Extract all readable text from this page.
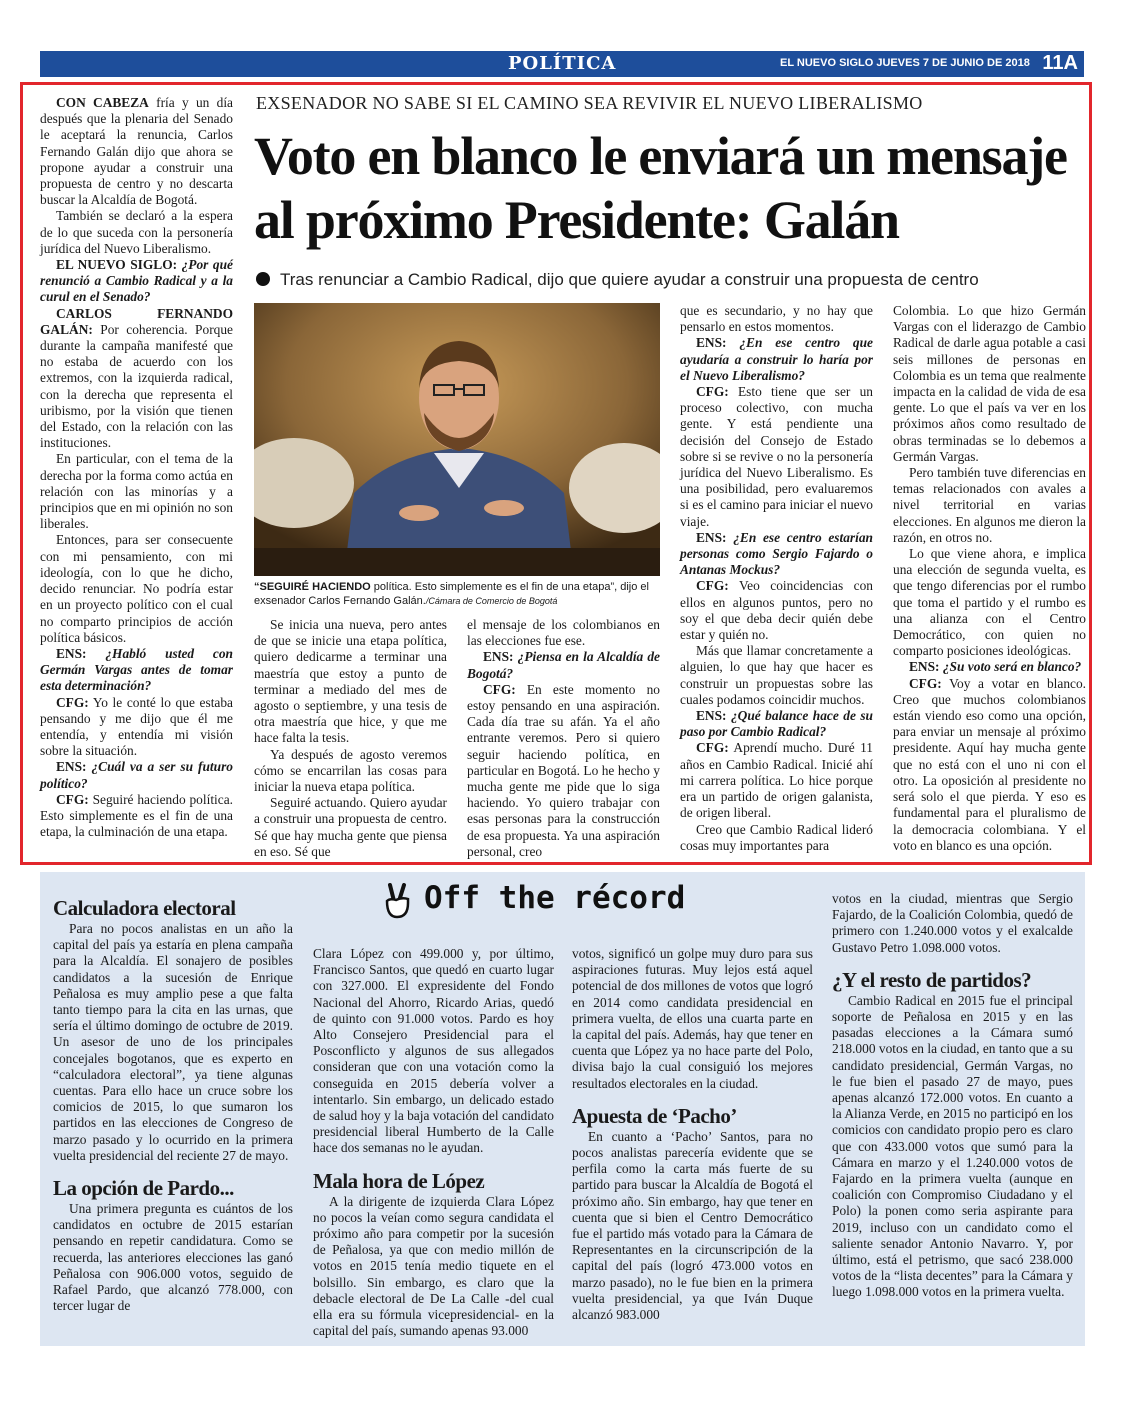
POLÍTICA	EL NUEVO SIGLO JUEVES 7 DE JUNIO DE 2018 11A
EXSENADOR NO SABE SI EL CAMINO SEA REVIVIR EL NUEVO LIBERALISMO
Voto en blanco le enviará un mensaje
al próximo Presidente: Galán
Tras renunciar a Cambio Radical, dijo que quiere ayudar a construir una propuesta de centro

CON CABEZA fría y un día después que la plenaria del Senado le aceptará la renuncia, Carlos Fernando Galán dijo que ahora se propone ayudar a construir una propuesta de centro y no descarta buscar la Alcaldía de Bogotá.

También se declaró a la espera de lo que suceda con la personería jurídica del Nuevo Liberalismo.

EL NUEVO SIGLO: ¿Por qué renunció a Cambio Radical y a la curul en el Senado?

CARLOS FERNANDO GALÁN: Por coherencia. Porque durante la campaña manifesté que no estaba de acuerdo con los extremos, con la izquierda radical, con la derecha que representa el uribismo, por la visión que tienen del Estado, con la relación con las instituciones.

En particular, con el tema de la derecha por la forma como actúa en relación con las minorías y a principios que en mi opinión no son liberales.

Entonces, para ser consecuente con mi pensamiento, con mi ideología, con lo que he dicho, decido renunciar. No podría estar en un proyecto político con el cual no comparto principios de acción política básicos.

ENS: ¿Habló usted con Germán Vargas antes de tomar esta determinación?

CFG: Yo le conté lo que estaba pensando y me dijo que él me entendía, y entendía mi visión sobre la situación.

ENS: ¿Cuál va a ser su futuro político?

CFG: Seguiré haciendo política. Esto simplemente es el fin de una etapa, la culminación de una etapa.

“SEGUIRÉ HACIENDO política. Esto simplemente es el fin de una etapa”, dijo el exsenador Carlos Fernando Galán./Cámara de Comercio de Bogotá

Se inicia una nueva, pero antes de que se inicie una etapa política, quiero dedicarme a terminar una maestría que estoy a punto de terminar a mediado del mes de agosto o septiembre, y una tesis de otra maestría que hice, y que me hace falta la tesis.

Ya después de agosto veremos cómo se encarrilan las cosas para iniciar la nueva etapa política.

Seguiré actuando. Quiero ayudar a construir una propuesta de centro. Sé que hay mucha gente que piensa en eso. Sé que

el mensaje de los colombianos en las elecciones fue ese.

ENS: ¿Piensa en la Alcaldía de Bogotá?

CFG: En este momento no estoy pensando en una aspiración. Cada día trae su afán. Ya el año entrante veremos. Pero si quiero seguir haciendo política, en particular en Bogotá. Lo he hecho y mucha gente me pide que lo siga haciendo. Yo quiero trabajar con esas personas para la construcción de esa propuesta. Ya una aspiración personal, creo

que es secundario, y no hay que pensarlo en estos momentos.

ENS: ¿En ese centro que ayudaría a construir lo haría por el Nuevo Liberalismo?

CFG: Esto tiene que ser un proceso colectivo, con mucha gente. Y está pendiente una decisión del Consejo de Estado sobre si se revive o no la personería jurídica del Nuevo Liberalismo. Es una posibilidad, pero evaluaremos si es el camino para iniciar el nuevo viaje.

ENS: ¿En ese centro estarían personas como Sergio Fajardo o Antanas Mockus?

CFG: Veo coincidencias con ellos en algunos puntos, pero no soy el que deba decir quién debe estar y quién no.

Más que llamar concretamente a alguien, lo que hay que hacer es construir un propuestas sobre las cuales podamos coincidir muchos.

ENS: ¿Qué balance hace de su paso por Cambio Radical?

CFG: Aprendí mucho. Duré 11 años en Cambio Radical. Inicié ahí mi carrera política. Lo hice porque era un partido de origen galanista, de origen liberal.

Creo que Cambio Radical lideró cosas muy importantes para

Colombia. Lo que hizo Germán Vargas con el liderazgo de Cambio Radical de darle agua potable a casi seis millones de personas en Colombia es un tema que realmente impacta en la calidad de vida de esa gente. Lo que el país va ver en los próximos años como resultado de obras terminadas se lo debemos a Germán Vargas.

Pero también tuve diferencias en temas relacionados con avales a nivel territorial en varias elecciones. En algunos me dieron la razón, en otros no.

Lo que viene ahora, e implica una elección de segunda vuelta, es que tengo diferencias por el rumbo que toma el partido y el rumbo es una alianza con el Centro Democrático, con quien no comparto posiciones ideológicas.

ENS: ¿Su voto será en blanco?

CFG: Voy a votar en blanco. Creo que muchos colombianos están viendo eso como una opción, para enviar un mensaje al próximo presidente. Aquí hay mucha gente que no está con el uno ni con el otro. La oposición al presidente no será solo el que pierda. Y eso es fundamental para el pluralismo de la democracia colombiana. Y el voto en blanco es una opción.

Off the récord
Calculadora electoral

Para no pocos analistas en un año la capital del país ya estaría en plena campaña para la Alcaldía. El sonajero de posibles candidatos a la sucesión de Enrique Peñalosa es muy amplio pese a que falta tanto tiempo para la cita en las urnas, que sería el último domingo de octubre de 2019. Un asesor de uno de los principales concejales bogotanos, que es experto en “calculadora electoral”, ya tiene algunas cuentas. Para ello hace un cruce sobre los comicios de 2015, lo que sumaron los partidos en las elecciones de Congreso de marzo pasado y lo ocurrido en la primera vuelta presidencial del reciente 27 de mayo.

La opción de Pardo...

Una primera pregunta es cuántos de los candidatos en octubre de 2015 estarían pensando en repetir candidatura. Como se recuerda, las anteriores elecciones las ganó Peñalosa con 906.000 votos, seguido de Rafael Pardo, que alcanzó 778.000, con tercer lugar de

Clara López con 499.000 y, por último, Francisco Santos, que quedó en cuarto lugar con 327.000. El expresidente del Fondo Nacional del Ahorro, Ricardo Arias, quedó de quinto con 91.000 votos. Pardo es hoy Alto Consejero Presidencial para el Posconflicto y algunos de sus allegados consideran que con una votación como la conseguida en 2015 debería volver a intentarlo. Sin embargo, un delicado estado de salud hoy y la baja votación del candidato presidencial liberal Humberto de la Calle hace dos semanas no le ayudan.

Mala hora de López

A la dirigente de izquierda Clara López no pocos la veían como segura candidata el próximo año para competir por la sucesión de Peñalosa, ya que con medio millón de votos en 2015 tenía medio tiquete en el bolsillo. Sin embargo, es claro que la debacle electoral de De La Calle -del cual ella era su fórmula vicepresidencial- en la capital del país, sumando apenas 93.000

votos, significó un golpe muy duro para sus aspiraciones futuras. Muy lejos está aquel potencial de dos millones de votos que logró en 2014 como candidata presidencial en primera vuelta, de ellos una cuarta parte en la capital del país. Además, hay que tener en cuenta que López ya no hace parte del Polo, divisa bajo la cual consiguió los mejores resultados electorales en la ciudad.

Apuesta de ‘Pacho’

En cuanto a ‘Pacho’ Santos, para no pocos analistas parecería evidente que se perfila como la carta más fuerte de su partido para buscar la Alcaldía de Bogotá el próximo año. Sin embargo, hay que tener en cuenta que si bien el Centro Democrático fue el partido más votado para la Cámara de Representantes en la circunscripción de la capital del país (logró 473.000 votos en marzo pasado), no le fue bien en la primera vuelta presidencial, ya que Iván Duque alcanzó 983.000

votos en la ciudad, mientras que Sergio Fajardo, de la Coalición Colombia, quedó de primero con 1.240.000 votos y el exalcalde Gustavo Petro 1.098.000 votos.

¿Y el resto de partidos?

Cambio Radical en 2015 fue el principal soporte de Peñalosa en 2015 y en las pasadas elecciones a la Cámara sumó 218.000 votos en la ciudad, en tanto que a su candidato presidencial, Germán Vargas, no le fue bien el pasado 27 de mayo, pues apenas alcanzó 172.000 votos. En cuanto a la Alianza Verde, en 2015 no participó en los comicios con candidato propio pero es claro que con 433.000 votos que sumó para la Cámara en marzo y el 1.240.000 votos de Fajardo en la primera vuelta (aunque en coalición con Compromiso Ciudadano y el Polo) la ponen como seria aspirante para 2019, incluso con un candidato como el saliente senador Antonio Navarro. Y, por último, está el petrismo, que sacó 238.000 votos de la “lista decentes” para la Cámara y luego 1.098.000 votos en la primera vuelta.
